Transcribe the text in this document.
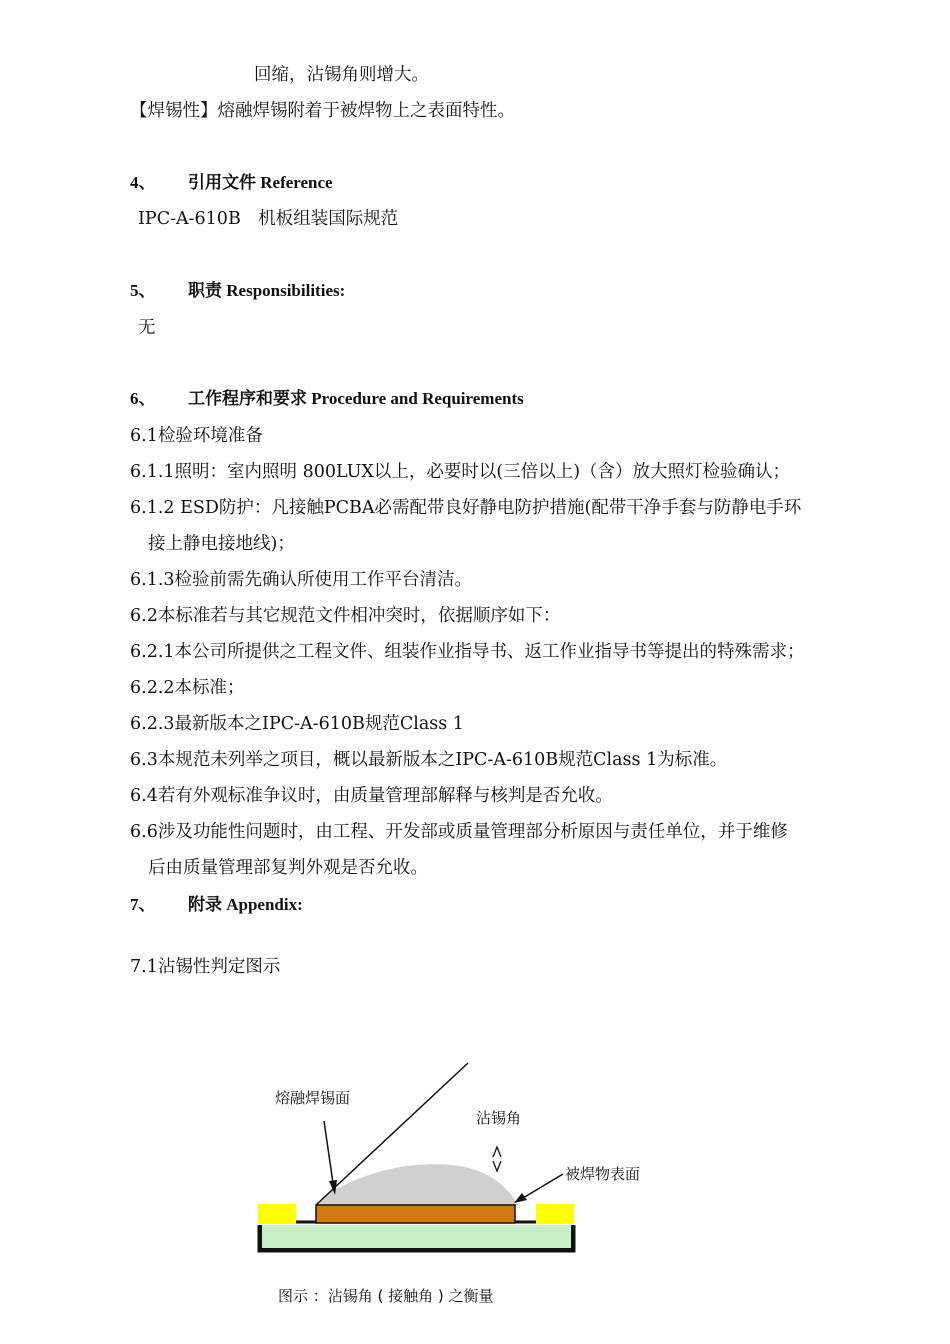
回缩，沾锡角则增大。
【焊锡性】熔融焊锡附着于被焊物上之表面特性。
4、 引用文件 Reference
IPC-A-610B　机板组装国际规范
5、 职责 Responsibilities:
无
6、 工作程序和要求 Procedure and Requirements
6.1检验环境准备
6.1.1照明：室内照明 800LUX以上，必要时以(三倍以上)（含）放大照灯检验确认；
6.1.2 ESD防护：凡接触PCBA必需配带良好静电防护措施(配带干净手套与防静电手环
接上静电接地线)；
6.1.3检验前需先确认所使用工作平台清洁。
6.2本标准若与其它规范文件相冲突时，依据顺序如下：
6.2.1本公司所提供之工程文件、组装作业指导书、返工作业指导书等提出的特殊需求；
6.2.2本标准；
6.2.3最新版本之IPC-A-610B规范Class 1
6.3本规范未列举之项目，概以最新版本之IPC-A-610B规范Class 1为标准。
6.4若有外观标准争议时，由质量管理部解释与核判是否允收。
6.6涉及功能性问题时，由工程、开发部或质量管理部分析原因与责任单位，并于维修
后由质量管理部复判外观是否允收。
7、 附录 Appendix:
7.1沾锡性判定图示
熔融焊锡面
沾锡角
被焊物表面
图示 ：沾锡角 ( 接触角 ) 之衡量
